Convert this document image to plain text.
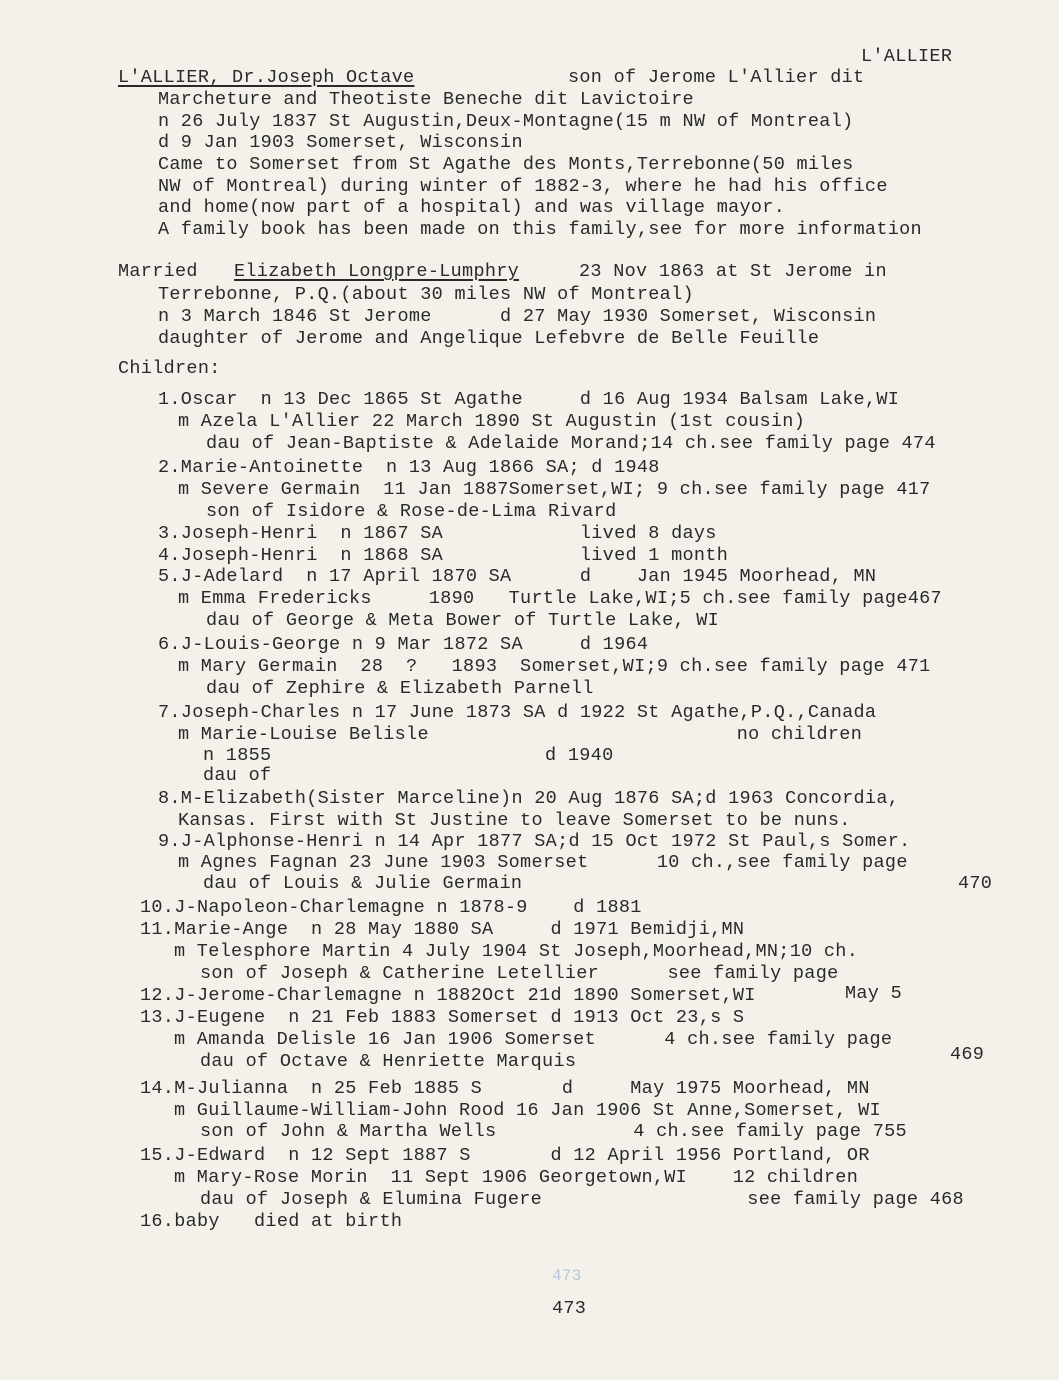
L'ALLIER
L'ALLIER, Dr.Joseph Octave	son of Jerome L'Allier dit
Marcheture and Theotiste Beneche dit Lavictoire
n 26 July 1837 St Augustin,Deux-Montagne(15 m NW of Montreal)
d 9 Jan 1903 Somerset, Wisconsin
Came to Somerset from St Agathe des Monts,Terrebonne(50 miles
NW of Montreal) during winter of 1882-3, where he had his office
and home(now part of a hospital) and was village mayor.
A family book has been made on this family,see for more information
Married Elizabeth Longpre-Lumphry	23 Nov 1863 at St Jerome in
Terrebonne, P.Q.(about 30 miles NW of Montreal)
n 3 March 1846 St Jerome      d 27 May 1930 Somerset, Wisconsin
daughter of Jerome and Angelique Lefebvre de Belle Feuille
Children:
1.Oscar  n 13 Dec 1865 St Agathe     d 16 Aug 1934 Balsam Lake,WI
m Azela L'Allier 22 March 1890 St Augustin (1st cousin)
dau of Jean-Baptiste & Adelaide Morand;14 ch.see family page 474
2.Marie-Antoinette  n 13 Aug 1866 SA; d 1948
m Severe Germain  11 Jan 1887Somerset,WI; 9 ch.see family page 417
son of Isidore & Rose-de-Lima Rivard
3.Joseph-Henri  n 1867 SA            lived 8 days
4.Joseph-Henri  n 1868 SA            lived 1 month
5.J-Adelard  n 17 April 1870 SA      d    Jan 1945 Moorhead, MN
m Emma Fredericks     1890   Turtle Lake,WI;5 ch.see family page467
dau of George & Meta Bower of Turtle Lake, WI
6.J-Louis-George n 9 Mar 1872 SA     d 1964
m Mary Germain  28  ?   1893  Somerset,WI;9 ch.see family page 471
dau of Zephire & Elizabeth Parnell
7.Joseph-Charles n 17 June 1873 SA d 1922 St Agathe,P.Q.,Canada
m Marie-Louise Belisle                           no children
n 1855                        d 1940
dau of
8.M-Elizabeth(Sister Marceline)n 20 Aug 1876 SA;d 1963 Concordia,
Kansas. First with St Justine to leave Somerset to be nuns.
9.J-Alphonse-Henri n 14 Apr 1877 SA;d 15 Oct 1972 St Paul,s Somer.
m Agnes Fagnan 23 June 1903 Somerset      10 ch.,see family page
dau of Louis & Julie Germain	470
10.J-Napoleon-Charlemagne n 1878-9    d 1881
11.Marie-Ange  n 28 May 1880 SA     d 1971 Bemidji,MN
m Telesphore Martin 4 July 1904 St Joseph,Moorhead,MN;10 ch.
son of Joseph & Catherine Letellier      see family page
12.J-Jerome-Charlemagne n 1882Oct 21d 1890 Somerset,WI	May 5
13.J-Eugene  n 21 Feb 1883 Somerset d 1913 Oct 23,s S
m Amanda Delisle 16 Jan 1906 Somerset      4 ch.see family page
dau of Octave & Henriette Marquis	469
14.M-Julianna  n 25 Feb 1885 S       d     May 1975 Moorhead, MN
m Guillaume-William-John Rood 16 Jan 1906 St Anne,Somerset, WI
son of John & Martha Wells            4 ch.see family page 755
15.J-Edward  n 12 Sept 1887 S       d 12 April 1956 Portland, OR
m Mary-Rose Morin  11 Sept 1906 Georgetown,WI    12 children
dau of Joseph & Elumina Fugere                  see family page 468
16.baby   died at birth
473
473
